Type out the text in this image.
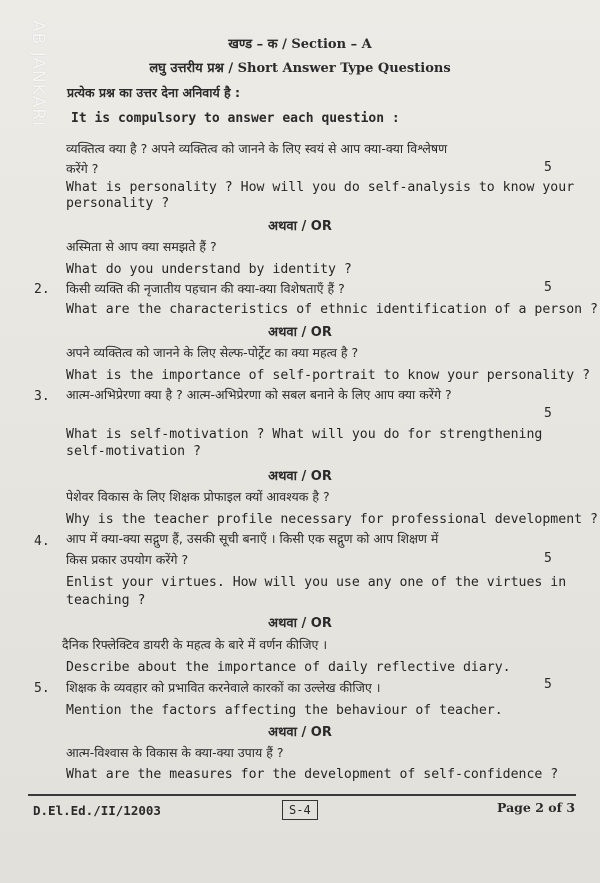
AB JANKARI	खण्ड – क / Section – A
लघु उत्तरीय प्रश्न / Short Answer Type Questions
प्रत्येक प्रश्न का उत्तर देना अनिवार्य है :
It is compulsory to answer each question :
व्यक्तित्व क्या है ? अपने व्यक्तित्व को जानने के लिए स्वयं से आप क्या-क्या विश्लेषण
करेंगे ?	5
What is personality ? How will you do self-analysis to know your
personality ?
अथवा / OR
अस्मिता से आप क्या समझते हैं ?
What do you understand by identity ?
2. किसी व्यक्ति की नृजातीय पहचान की क्या-क्या विशेषताएँ हैं ?	5
What are the characteristics of ethnic identification of a person ?
अथवा / OR
अपने व्यक्तित्व को जानने के लिए सेल्फ-पोर्ट्रेट का क्या महत्व है ?
What is the importance of self-portrait to know your personality ?
3. आत्म-अभिप्रेरणा क्या है ? आत्म-अभिप्रेरणा को सबल बनाने के लिए आप क्या करेंगे ?
5
What is self-motivation ? What will you do for strengthening
self-motivation ?
अथवा / OR
पेशेवर विकास के लिए शिक्षक प्रोफाइल क्यों आवश्यक है ?
Why is the teacher profile necessary for professional development ?
4. आप में क्या-क्या सद्गुण हैं, उसकी सूची बनाएँ । किसी एक सद्गुण को आप शिक्षण में
किस प्रकार उपयोग करेंगे ?	5
Enlist your virtues. How will you use any one of the virtues in
teaching ?
अथवा / OR
दैनिक रिफ्लेक्टिव डायरी के महत्व के बारे में वर्णन कीजिए ।
Describe about the importance of daily reflective diary.
5. शिक्षक के व्यवहार को प्रभावित करनेवाले कारकों का उल्लेख कीजिए ।	5
Mention the factors affecting the behaviour of teacher.
अथवा / OR
आत्म-विश्वास के विकास के क्या-क्या उपाय हैं ?
What are the measures for the development of self-confidence ?
D.El.Ed./II/12003	S-4	Page 2 of 3
